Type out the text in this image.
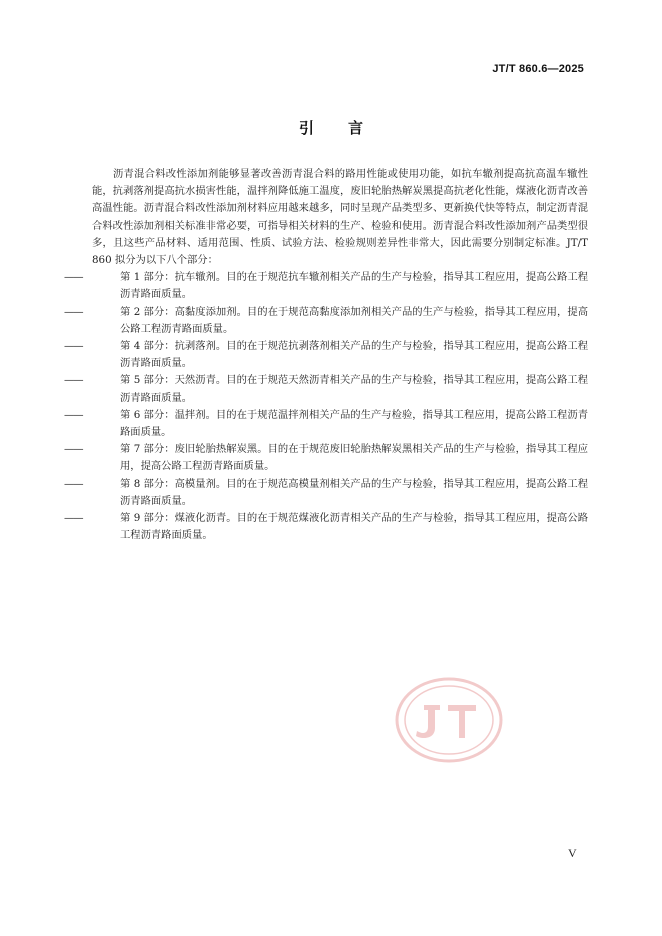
JT/T 860.6—2025
引言

沥青混合料改性添加剂能够显著改善沥青混合料的路用性能或使用功能，如抗车辙剂提高抗高温车辙性能，抗剥落剂提高抗水损害性能，温拌剂降低施工温度，废旧轮胎热解炭黑提高抗老化性能，煤液化沥青改善高温性能。沥青混合料改性添加剂材料应用越来越多，同时呈现产品类型多、更新换代快等特点，制定沥青混合料改性添加剂相关标准非常必要，可指导相关材料的生产、检验和使用。沥青混合料改性添加剂产品类型很多，且这些产品材料、适用范围、性质、试验方法、检验规则差异性非常大，因此需要分别制定标准。JT/T 860 拟分为以下八个部分：

——	第 1 部分：抗车辙剂。目的在于规范抗车辙剂相关产品的生产与检验，指导其工程应用，提高公路工程沥青路面质量。

——	第 2 部分：高黏度添加剂。目的在于规范高黏度添加剂相关产品的生产与检验，指导其工程应用，提高公路工程沥青路面质量。

——	第 4 部分：抗剥落剂。目的在于规范抗剥落剂相关产品的生产与检验，指导其工程应用，提高公路工程沥青路面质量。

——	第 5 部分：天然沥青。目的在于规范天然沥青相关产品的生产与检验，指导其工程应用，提高公路工程沥青路面质量。

——	第 6 部分：温拌剂。目的在于规范温拌剂相关产品的生产与检验，指导其工程应用，提高公路工程沥青路面质量。

——	第 7 部分：废旧轮胎热解炭黑。目的在于规范废旧轮胎热解炭黑相关产品的生产与检验，指导其工程应用，提高公路工程沥青路面质量。

——	第 8 部分：高模量剂。目的在于规范高模量剂相关产品的生产与检验，指导其工程应用，提高公路工程沥青路面质量。

——	第 9 部分：煤液化沥青。目的在于规范煤液化沥青相关产品的生产与检验，指导其工程应用，提高公路工程沥青路面质量。

V
